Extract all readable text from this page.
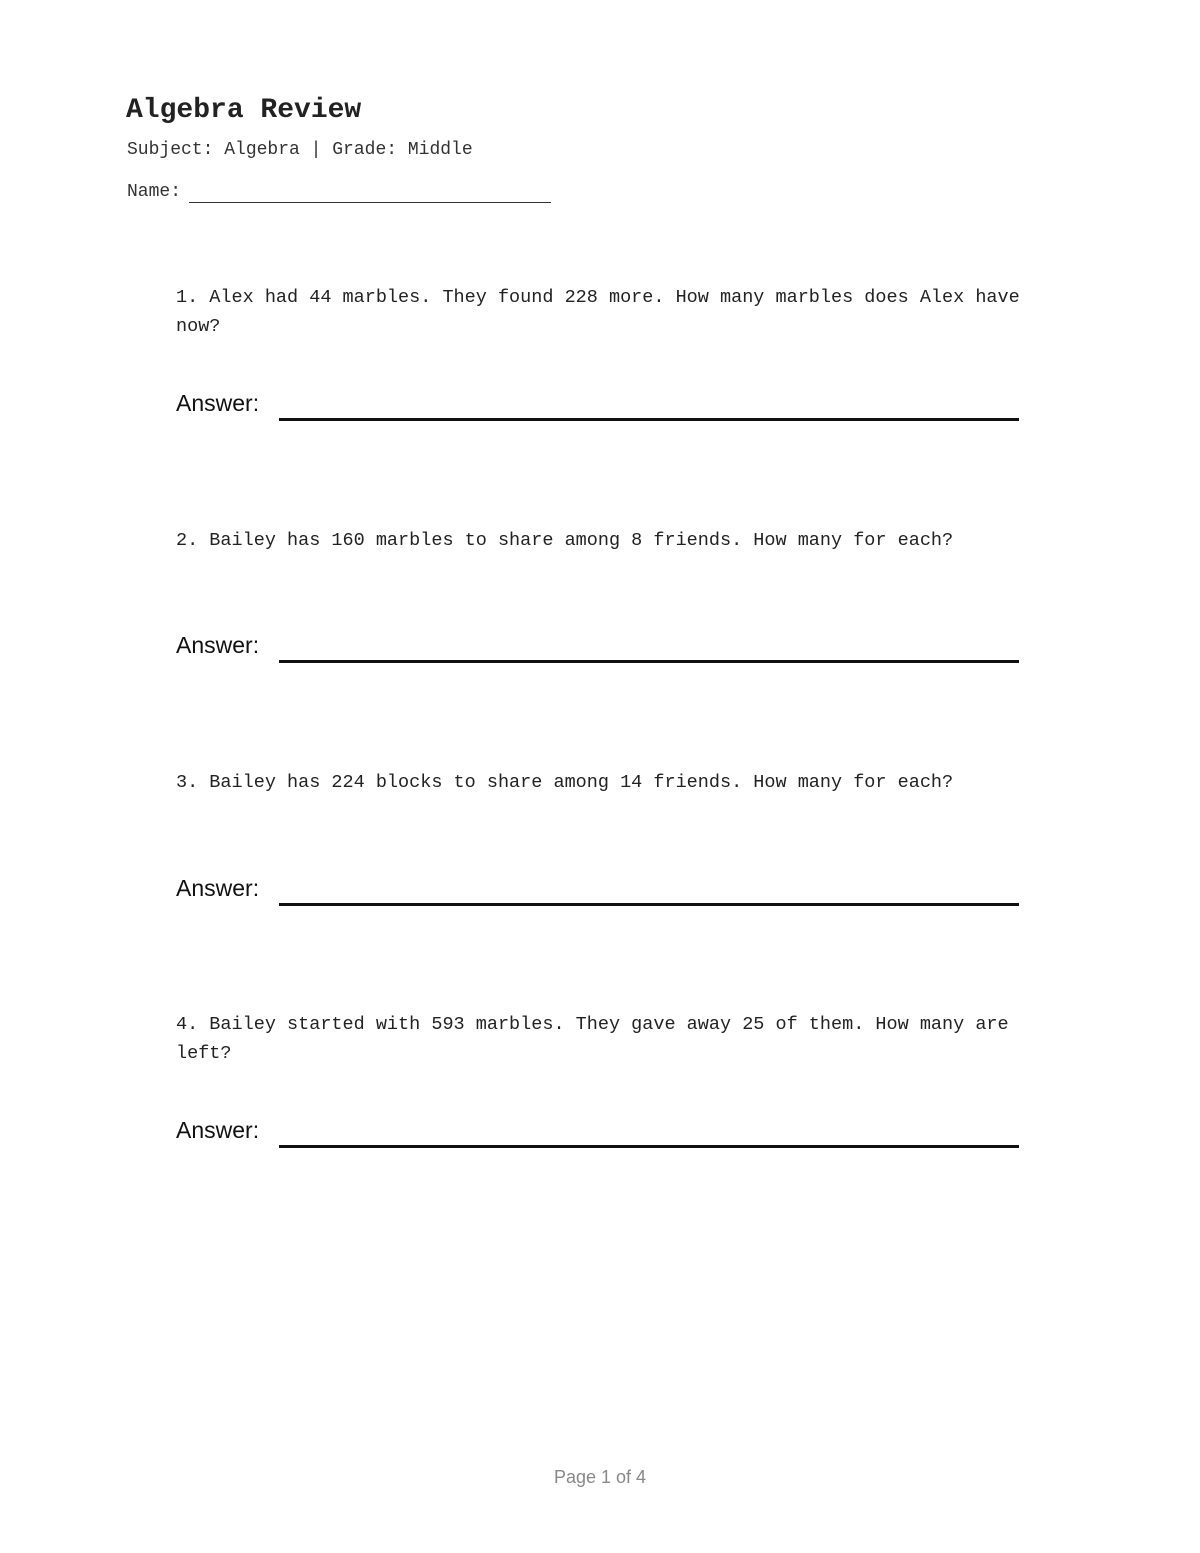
Algebra Review
Subject: Algebra | Grade: Middle
Name:

1. Alex had 44 marbles. They found 228 more. How many marbles does Alex have now?

Answer:

2. Bailey has 160 marbles to share among 8 friends. How many for each?

Answer:

3. Bailey has 224 blocks to share among 14 friends. How many for each?

Answer:

4. Bailey started with 593 marbles. They gave away 25 of them. How many are left?

Answer:
Page 1 of 4
